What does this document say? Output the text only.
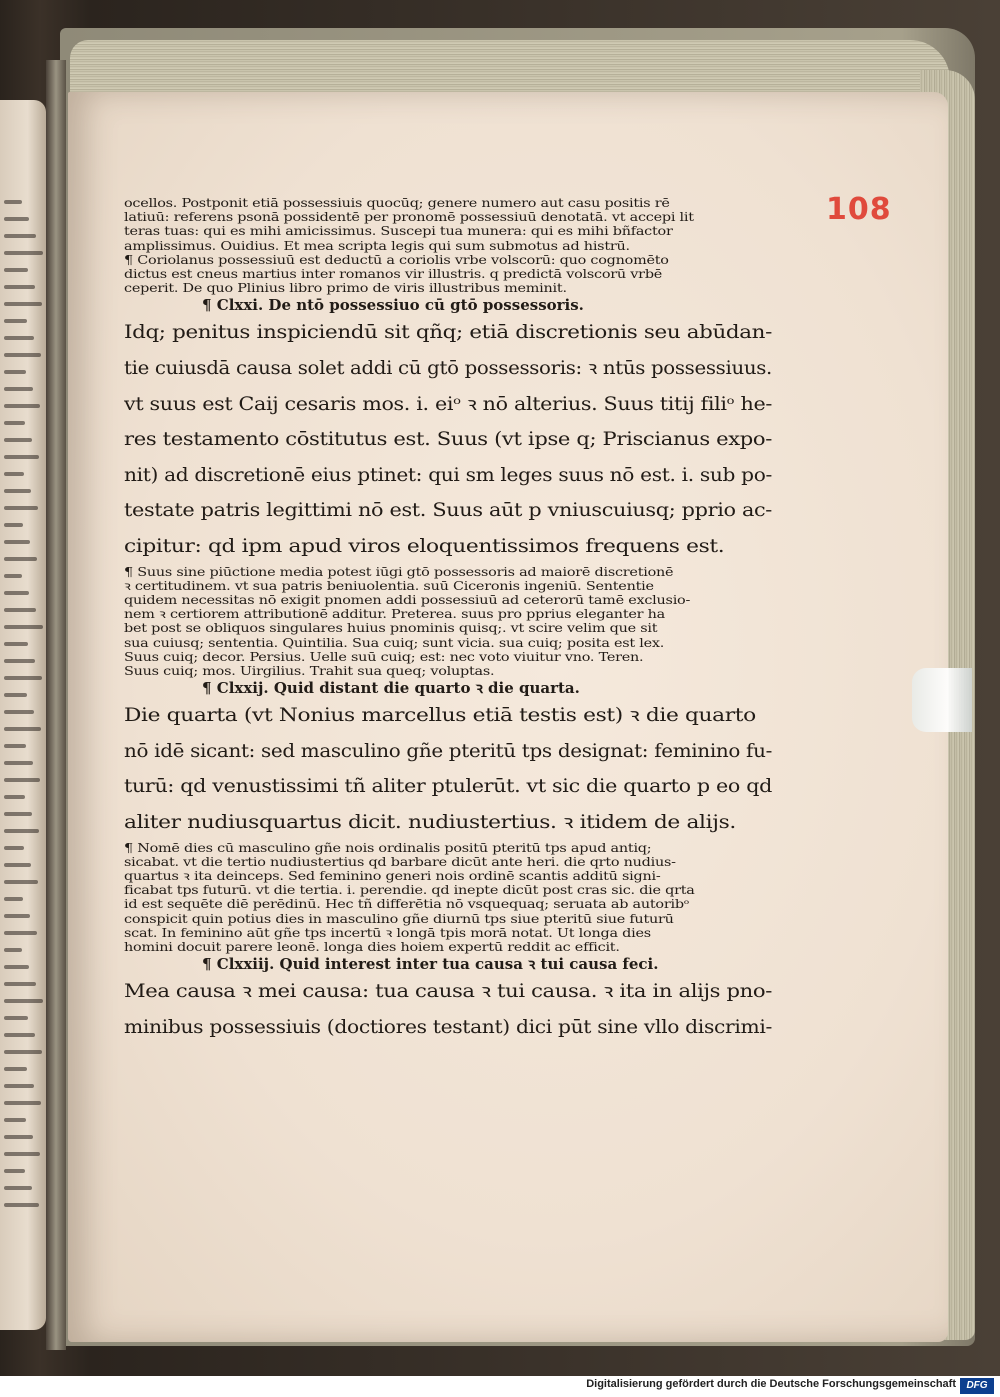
108
ocellos. Postponit etiā possessiuis quocūq; genere numero aut casu positis rē
latiuū: referens psonā possidentē per pronomē possessiuū denotatā. vt accepi lit
teras tuas: qui es mihi amicissimus. Suscepi tua munera: qui es mihi bñfactor
amplissimus. Ouidius. Et mea scripta legis qui sum submotus ad histrū.
¶ Coriolanus possessiuū est deductū a coriolis vrbe volscorū: quo cognomēto
dictus est cneus martius inter romanos vir illustris. q predictā volscorū vrbē
ceperit. De quo Plinius libro primo de viris illustribus meminit.
¶ Clxxi. De ntō possessiuo cū gtō possessoris.
Idq; penitus inspiciendū sit qñq; etiā discretionis seu abūdan-
tie cuiusdā causa solet addi cū gtō possessoris: ꝛ ntūs possessiuus.
vt suus est Caij cesaris mos. i. eiᵒ ꝛ nō alterius. Suus titij filiᵒ he-
res testamento cōstitutus est. Suus (vt ipse q; Priscianus expo-
nit) ad discretionē eius ptinet: qui sm leges suus nō est. i. sub po-
testate patris legittimi nō est. Suus aūt p vniuscuiusq; pprio ac-
cipitur: qd ipm apud viros eloquentissimos frequens est.
¶ Suus sine piūctione media potest iūgi gtō possessoris ad maiorē discretionē
ꝛ certitudinem. vt sua patris beniuolentia. suū Ciceronis ingeniū. Sententie
quidem necessitas nō exigit pnomen addi possessiuū ad ceterorū tamē exclusio-
nem ꝛ certiorem attributionē additur. Preterea. suus pro pprius eleganter ha
bet post se obliquos singulares huius pnominis quisq;. vt scire velim que sit
sua cuiusq; sententia. Quintilia. Sua cuiq; sunt vicia. sua cuiq; posita est lex.
Suus cuiq; decor. Persius. Uelle suū cuiq; est: nec voto viuitur vno. Teren.
Suus cuiq; mos. Uirgilius. Trahit sua queq; voluptas.
¶ Clxxij. Quid distant die quarto ꝛ die quarta.
Die quarta (vt Nonius marcellus etiā testis est) ꝛ die quarto
nō idē sicant: sed masculino gñe pteritū tps designat: feminino fu-
turū: qd venustissimi tñ aliter ptulerūt. vt sic die quarto p eo qd
aliter nudiusquartus dicit. nudiustertius. ꝛ itidem de alijs.
¶ Nomē dies cū masculino gñe nois ordinalis positū pteritū tps apud antiq;
sicabat. vt die tertio nudiustertius qd barbare dicūt ante heri. die qrto nudius-
quartus ꝛ ita deinceps. Sed feminino generi nois ordinē scantis additū signi-
ficabat tps futurū. vt die tertia. i. perendie. qd inepte dicūt post cras sic. die qrta
id est sequēte diē perēdinū. Hec tñ differētia nō vsquequaq; seruata ab autoribᵒ
conspicit quin potius dies in masculino gñe diurnū tps siue pteritū siue futurū
scat. In feminino aūt gñe tps incertū ꝛ longā tpis morā notat. Ut longa dies
homini docuit parere leonē. longa dies hoiem expertū reddit ac efficit.
¶ Clxxiij. Quid interest inter tua causa ꝛ tui causa feci.
Mea causa ꝛ mei causa: tua causa ꝛ tui causa. ꝛ ita in alijs pno-
minibus possessiuis (doctiores testant) dici pūt sine vllo discrimi-
Digitalisierung gefördert durch die Deutsche Forschungsgemeinschaft	DFG
